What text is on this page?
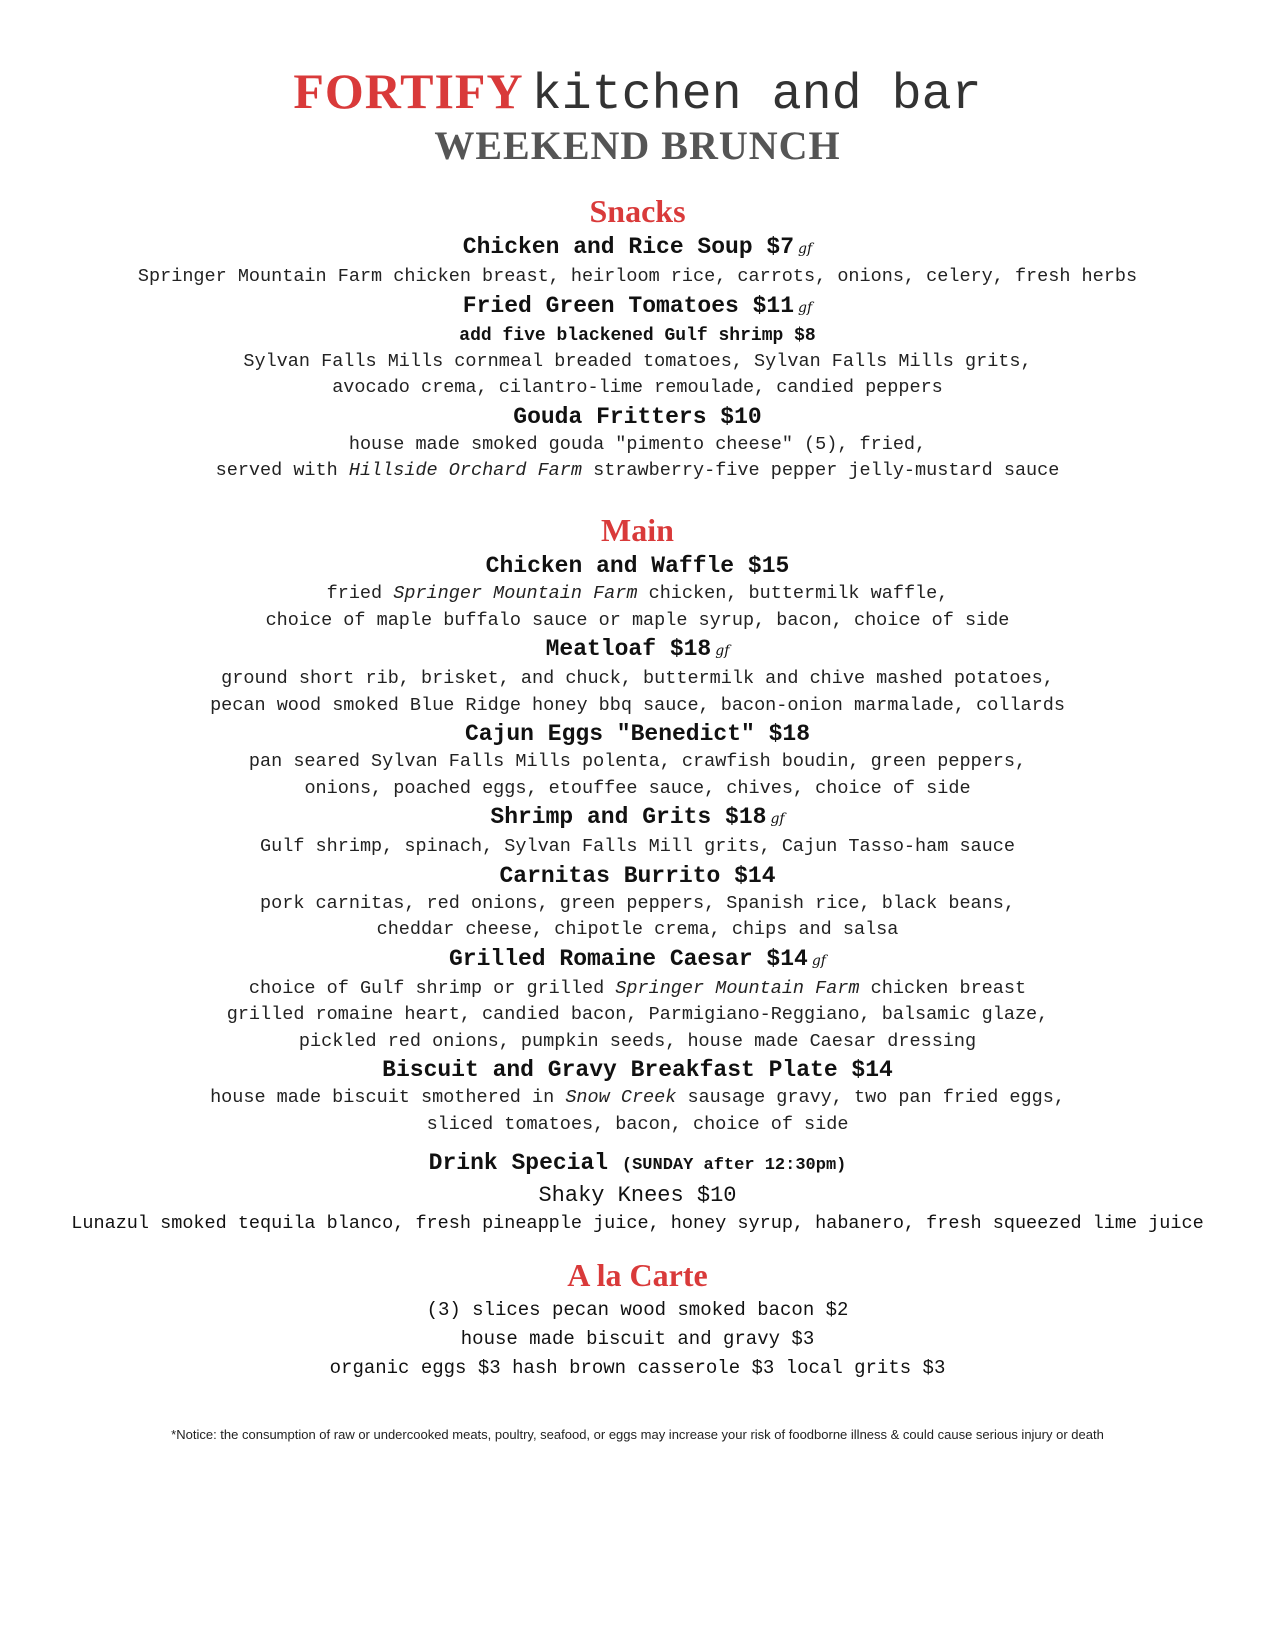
FORTIFY kitchen and bar
WEEKEND BRUNCH
Snacks
Chicken and Rice Soup $7 gf
Springer Mountain Farm chicken breast, heirloom rice, carrots, onions, celery, fresh herbs
Fried Green Tomatoes $11 gf
add five blackened Gulf shrimp $8
Sylvan Falls Mills cornmeal breaded tomatoes, Sylvan Falls Mills grits,
avocado crema, cilantro-lime remoulade, candied peppers
Gouda Fritters $10
house made smoked gouda "pimento cheese" (5), fried,
served with Hillside Orchard Farm strawberry-five pepper jelly-mustard sauce
Main
Chicken and Waffle $15
fried Springer Mountain Farm chicken, buttermilk waffle,
choice of maple buffalo sauce or maple syrup, bacon, choice of side
Meatloaf $18 gf
ground short rib, brisket, and chuck, buttermilk and chive mashed potatoes,
pecan wood smoked Blue Ridge honey bbq sauce, bacon-onion marmalade, collards
Cajun Eggs "Benedict" $18
pan seared Sylvan Falls Mills polenta, crawfish boudin, green peppers,
onions, poached eggs, etouffee sauce, chives, choice of side
Shrimp and Grits $18 gf
Gulf shrimp, spinach, Sylvan Falls Mill grits, Cajun Tasso-ham sauce
Carnitas Burrito $14
pork carnitas, red onions, green peppers, Spanish rice, black beans,
cheddar cheese, chipotle crema, chips and salsa
Grilled Romaine Caesar $14 gf
choice of Gulf shrimp or grilled Springer Mountain Farm chicken breast
grilled romaine heart, candied bacon, Parmigiano-Reggiano, balsamic glaze,
pickled red onions, pumpkin seeds, house made Caesar dressing
Biscuit and Gravy Breakfast Plate $14
house made biscuit smothered in Snow Creek sausage gravy, two pan fried eggs,
sliced tomatoes, bacon, choice of side
Drink Special (SUNDAY after 12:30pm)
Shaky Knees $10
Lunazul smoked tequila blanco, fresh pineapple juice, honey syrup, habanero, fresh squeezed lime juice
A la Carte
(3) slices pecan wood smoked bacon $2
house made biscuit and gravy $3
organic eggs $3 hash brown casserole $3 local grits $3
*Notice: the consumption of raw or undercooked meats, poultry, seafood, or eggs may increase your risk of foodborne illness & could cause serious injury or death
